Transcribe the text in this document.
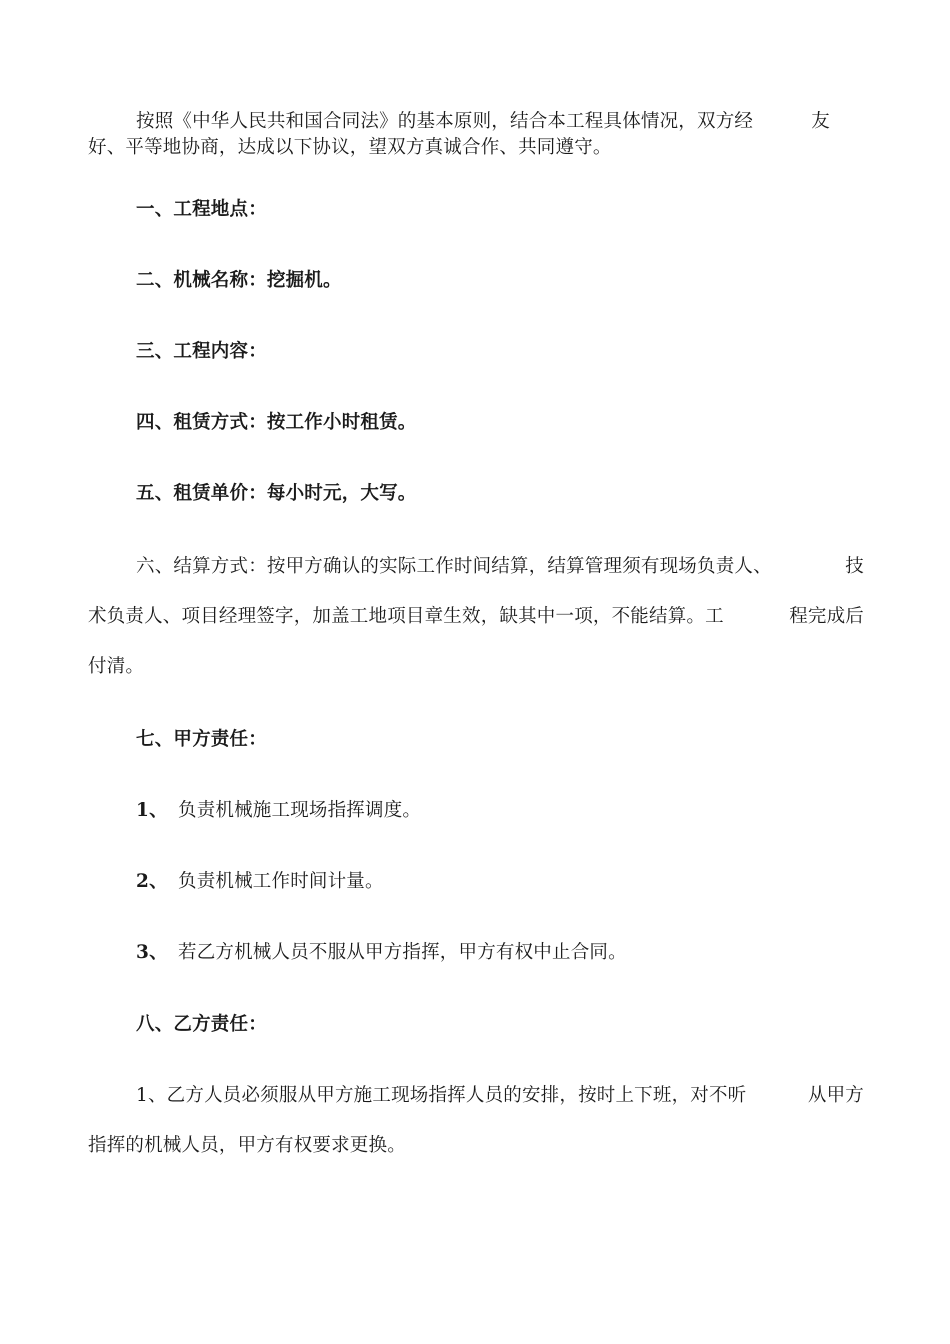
按照《中华人民共和国合同法》的基本原则，结合本工程具体情况，双方经	友
好、平等地协商，达成以下协议，望双方真诚合作、共同遵守。
一、工程地点：
二、机械名称：挖掘机。
三、工程内容：
四、租赁方式：按工作小时租赁。
五、租赁单价：每小时元，大写。
六、结算方式：按甲方确认的实际工作时间结算，结算管理须有现场负责人、	技
术负责人、项目经理签字，加盖工地项目章生效，缺其中一项，不能结算。工	程完成后
付清。
七、甲方责任：
1、 负责机械施工现场指挥调度。
2、 负责机械工作时间计量。
3、 若乙方机械人员不服从甲方指挥，甲方有权中止合同。
八、乙方责任：
1、乙方人员必须服从甲方施工现场指挥人员的安排，按时上下班，对不听	从甲方
指挥的机械人员，甲方有权要求更换。
